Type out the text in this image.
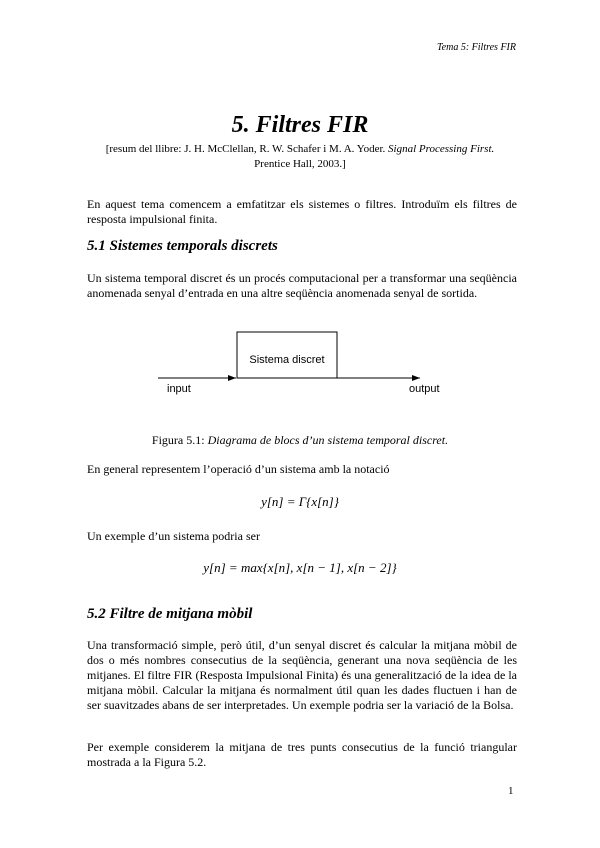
Tema 5: Filtres FIR
5. Filtres FIR
[resum del llibre: J. H. McClellan, R. W. Schafer i M. A. Yoder. Signal Processing First.
Prentice Hall, 2003.]
En aquest tema comencem a emfatitzar els sistemes o filtres. Introduïm els filtres de resposta impulsional finita.
5.1 Sistemes temporals discrets
Un sistema temporal discret és un procés computacional per a transformar una seqüència anomenada senyal d’entrada en una altre seqüència anomenada senyal de sortida.
Sistema discret
input	output
Figura 5.1: Diagrama de blocs d’un sistema temporal discret.
En general representem l’operació d’un sistema amb la notació
y[n] = Γ{x[n]}
Un exemple d’un sistema podria ser
y[n] = max{x[n], x[n − 1], x[n − 2]}
5.2 Filtre de mitjana mòbil
Una transformació simple, però útil, d’un senyal discret és calcular la mitjana mòbil de dos o més nombres consecutius de la seqüència, generant una nova seqüència de les mitjanes. El filtre FIR (Resposta Impulsional Finita) és una generalització de la idea de la mitjana mòbil. Calcular la mitjana és normalment útil quan les dades fluctuen i han de ser suavitzades abans de ser interpretades. Un exemple podria ser la variació de la Bolsa.
Per exemple considerem la mitjana de tres punts consecutius de la funció triangular mostrada a la Figura 5.2.
1
